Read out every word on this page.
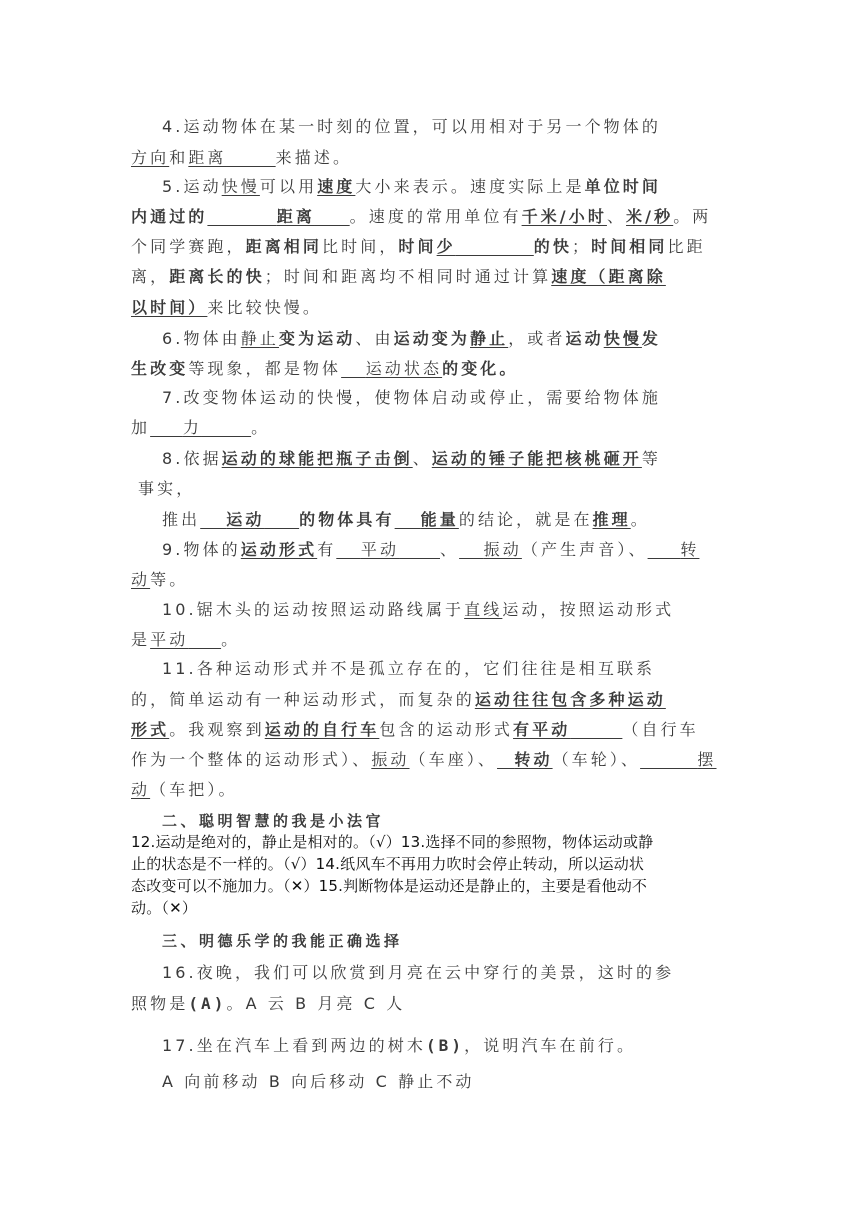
4.运动物体在某一时刻的位置，可以用相对于另一个物体的
方向和距离	来描述。
5.运动快慢可以用速度大小来表示。速度实际上是单位时间
内通过的	距离 。速度的常用单位有千米/小时、米/秒。两
个同学赛跑，距离相同比时间，时间少	的快；时间相同比距
离，距离长的快；时间和距离均不相同时通过计算速度（距离除
以时间）来比较快慢。
6.物体由静止变为运动、由运动变为静止，或者运动快慢发
生改变等现象，都是物体 运动状态的变化。
7.改变物体运动的快慢，使物体启动或停止，需要给物体施
加 力	。
8.依据运动的球能把瓶子击倒、运动的锤子能把核桃砸开等
事实，
推出 运动 的物体具有 能量的结论，就是在推理。
9.物体的运动形式有 平动	、 振动（产生声音）、 转
动等。
10.锯木头的运动按照运动路线属于直线运动，按照运动形式
是平动 。
11.各种运动形式并不是孤立存在的，它们往往是相互联系
的，简单运动有一种运动形式，而复杂的运动往往包含多种运动
形式。我观察到运动的自行车包含的运动形式有平动	（自行车
作为一个整体的运动形式）、振动（车座）、 转动（车轮）、	摆
动（车把）。
二、聪明智慧的我是小法官
12.运动是绝对的，静止是相对的。（√）13.选择不同的参照物，物体运动或静
止的状态是不一样的。（√）14.纸风车不再用力吹时会停止转动，所以运动状
态改变可以不施加力。（✕）15.判断物体是运动还是静止的，主要是看他动不
动。（✕）
三、明德乐学的我能正确选择
16.夜晚，我们可以欣赏到月亮在云中穿行的美景，这时的参
照物是(A)。A 云 B 月亮 C 人
17.坐在汽车上看到两边的树木(B)，说明汽车在前行。
A 向前移动 B 向后移动 C 静止不动
